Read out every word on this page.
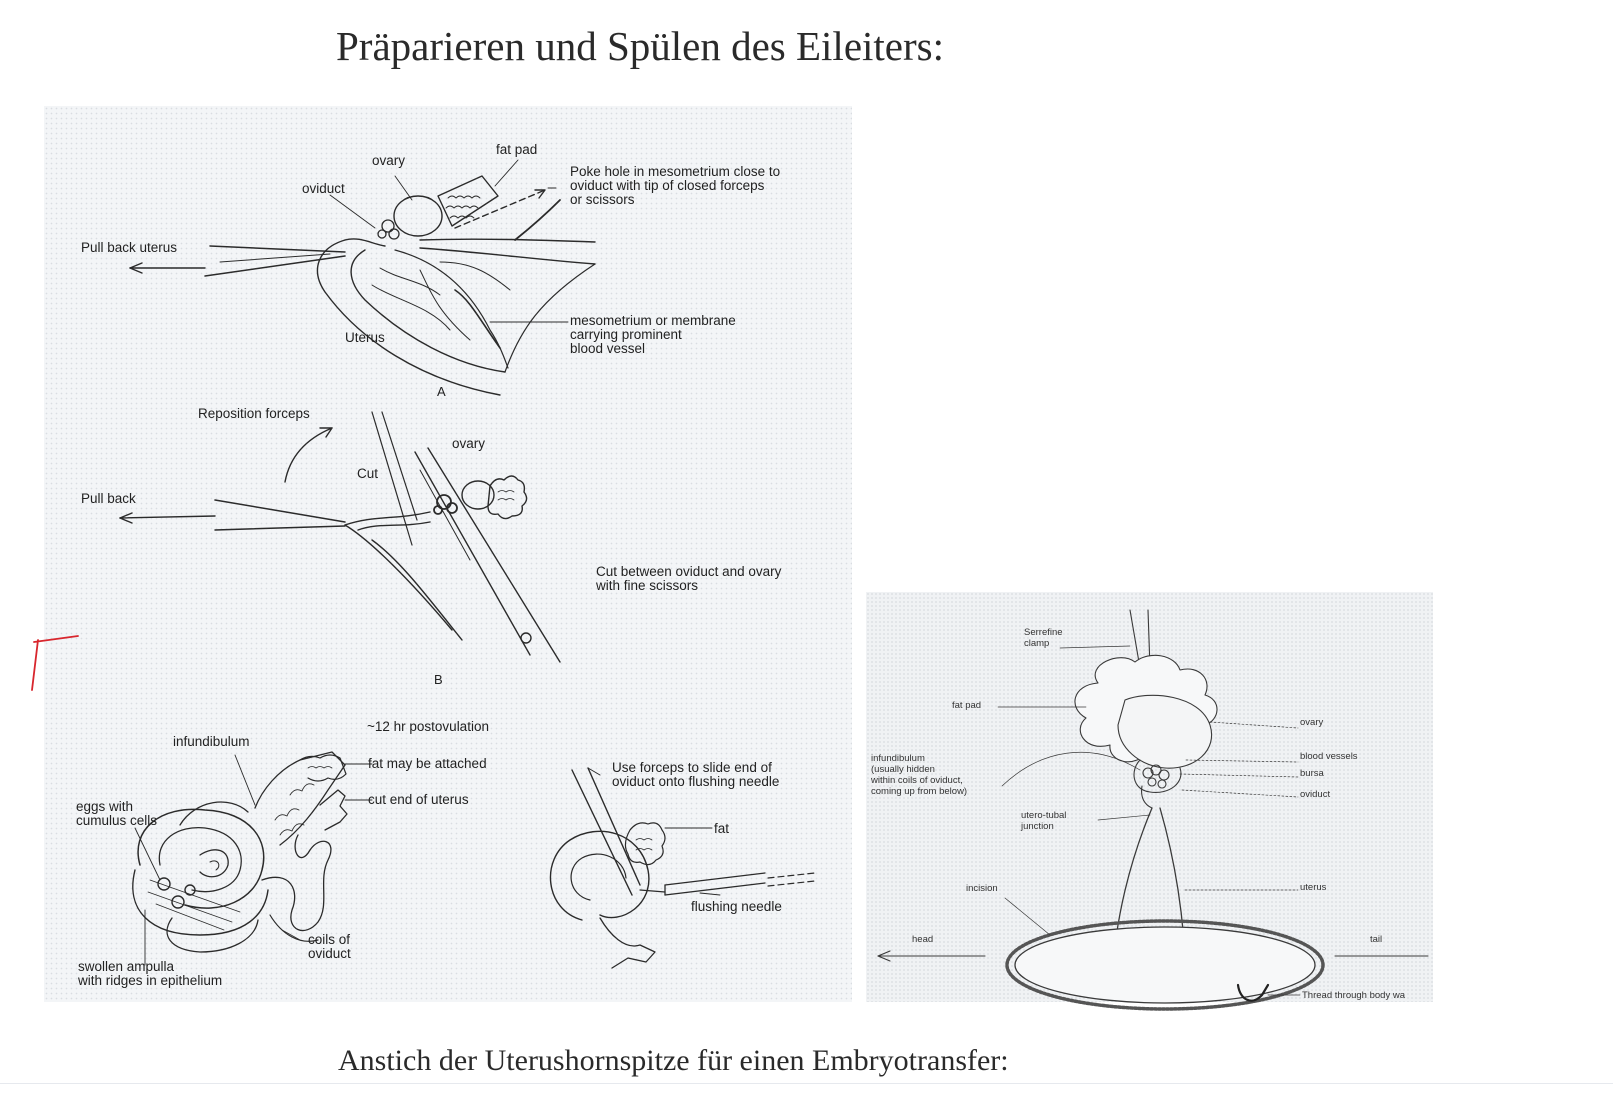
Präparieren und Spülen des Eileiters:
ovary
fat pad
oviduct
Pull back uterus
Uterus
Poke hole in mesometrium close to
oviduct with tip of closed forceps
or scissors
mesometrium or membrane
carrying prominent
blood vessel
A
Reposition forceps
ovary
Cut
Pull back
Cut between oviduct and ovary
with fine scissors
B
~12 hr postovulation
infundibulum
fat may be attached
cut end of uterus
eggs with
cumulus cells
coils of
oviduct
swollen ampulla
with ridges in epithelium
Use forceps to slide end of
oviduct onto flushing needle
fat
flushing needle
Serrefine
clamp
fat pad
ovary
blood vessels
bursa
oviduct
infundibulum
(usually hidden
within coils of oviduct,
coming up from below)
utero-tubal
junction
incision	uterus
head	tail
Thread through body wa
Anstich der Uterushornspitze für einen Embryotransfer:
